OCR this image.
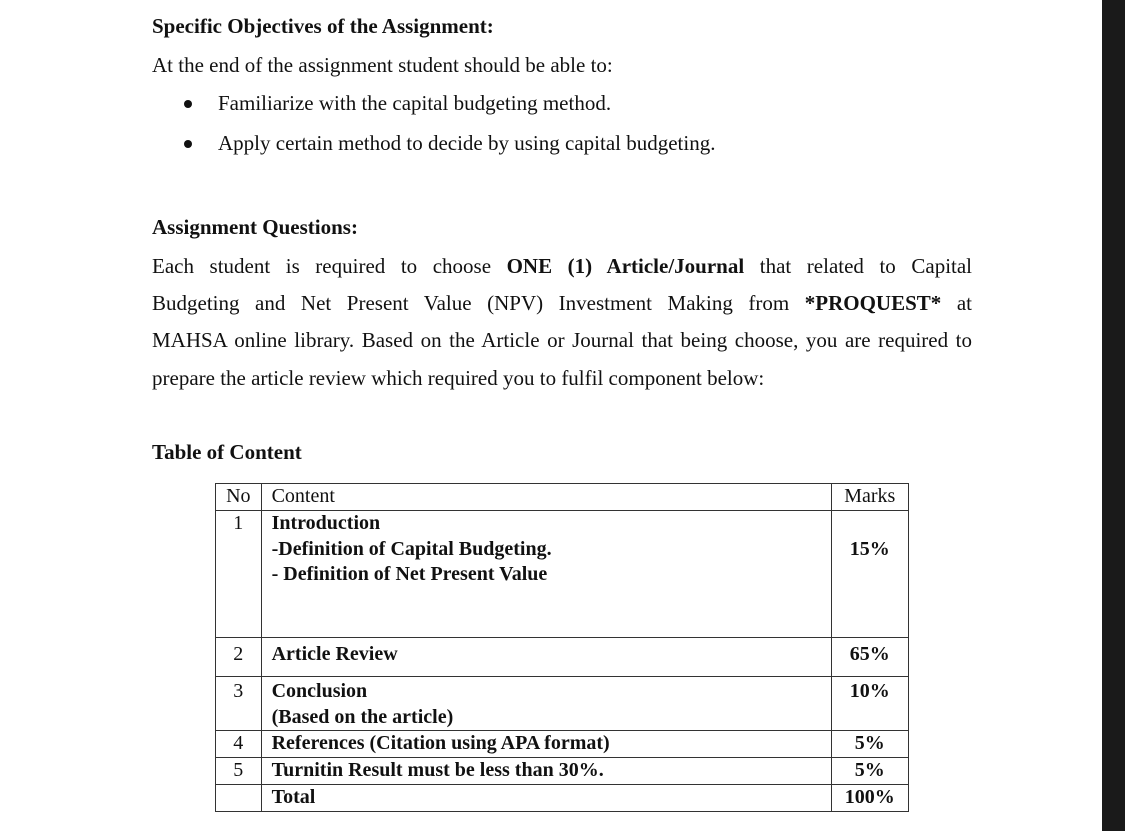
Specific Objectives of the Assignment:
At the end of the assignment student should be able to:
Familiarize with the capital budgeting method.
Apply certain method to decide by using capital budgeting.
Assignment Questions:
Each student is required to choose ONE (1) Article/Journal that related to Capital
Budgeting and Net Present Value (NPV) Investment Making from *PROQUEST* at
MAHSA online library. Based on the Article or Journal that being choose, you are required to
prepare the article review which required you to fulfil component below:
Table of Content
No	Content	Marks
1	Introduction
-Definition of Capital Budgeting.
- Definition of Net Present Value	15%

2	Article Review	65%
3	Conclusion
(Based on the article)	10%
4	References (Citation using APA format)	5%
5	Turnitin Result must be less than 30%.	5%

	Total	100%
